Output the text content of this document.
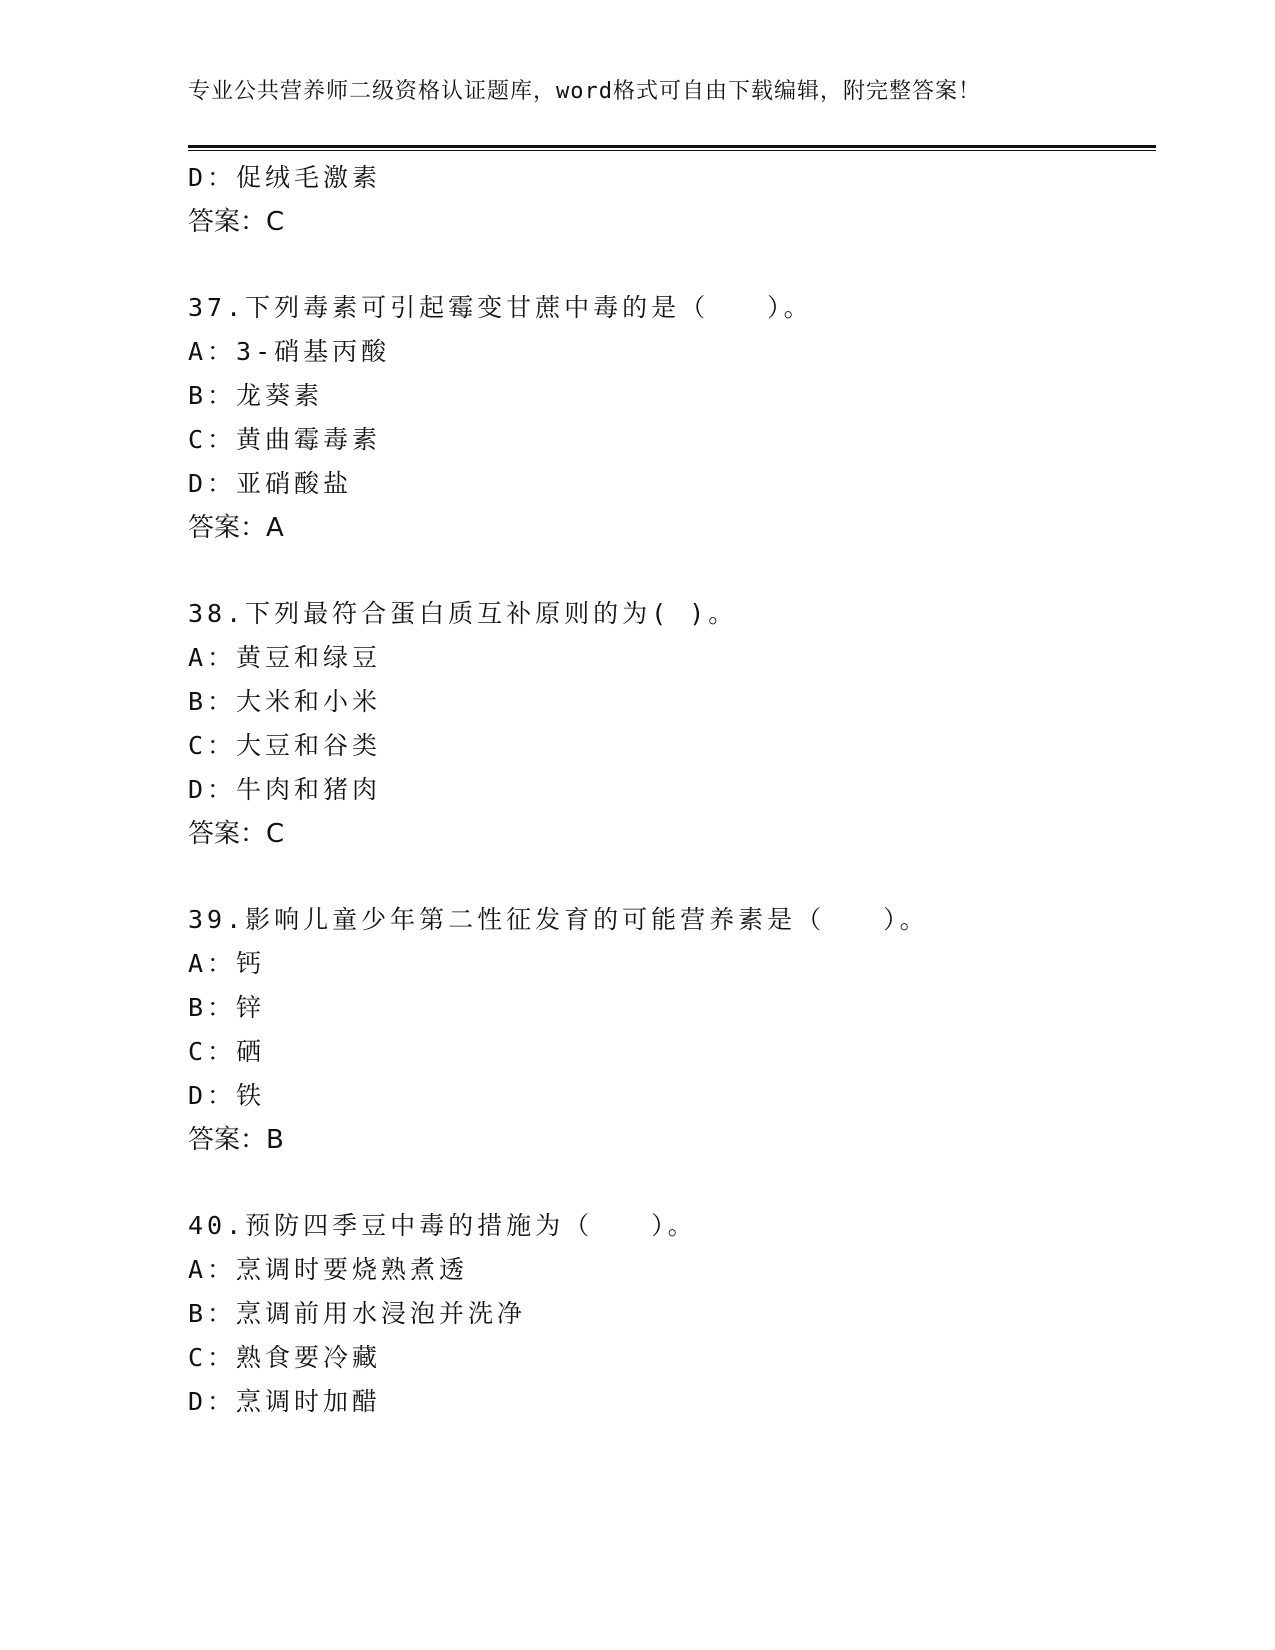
专业公共营养师二级资格认证题库，word格式可自由下载编辑，附完整答案！
D：促绒毛激素
答案：C
37.下列毒素可引起霉变甘蔗中毒的是（　　）。
A：3-硝基丙酸
B：龙葵素
C：黄曲霉毒素
D：亚硝酸盐
答案：A
38.下列最符合蛋白质互补原则的为( )。
A：黄豆和绿豆
B：大米和小米
C：大豆和谷类
D：牛肉和猪肉
答案：C
39.影响儿童少年第二性征发育的可能营养素是（　　）。
A：钙
B：锌
C：硒
D：铁
答案：B
40.预防四季豆中毒的措施为（　　）。
A：烹调时要烧熟煮透
B：烹调前用水浸泡并洗净
C：熟食要冷藏
D：烹调时加醋
